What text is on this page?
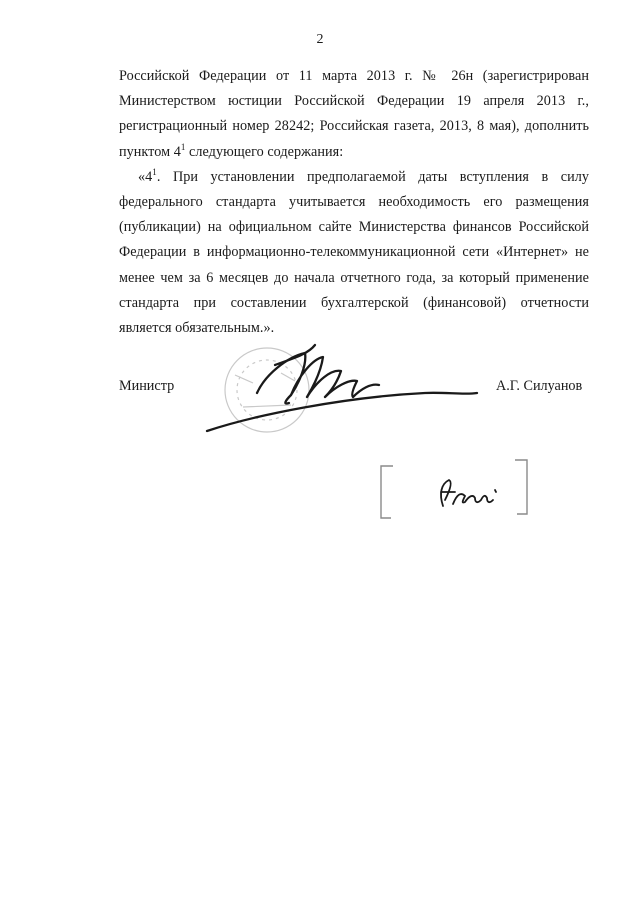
2

Российской Федерации от 11 марта 2013 г. № 26н (зарегистрирован Министерством юстиции Российской Федерации 19 апреля 2013 г., регистрационный номер 28242; Российская газета, 2013, 8 мая), дополнить пунктом $4^1$ следующего содержания:

«$4^1$. При установлении предполагаемой даты вступления в силу федерального стандарта учитывается необходимость его размещения (публикации) на официальном сайте Министерства финансов Российской Федерации в информационно-телекоммуникационной сети «Интернет» не менее чем за 6 месяцев до начала отчетного года, за который применение стандарта при составлении бухгалтерской (финансовой) отчетности является обязательным.».

Министр	А.Г. Силуанов
